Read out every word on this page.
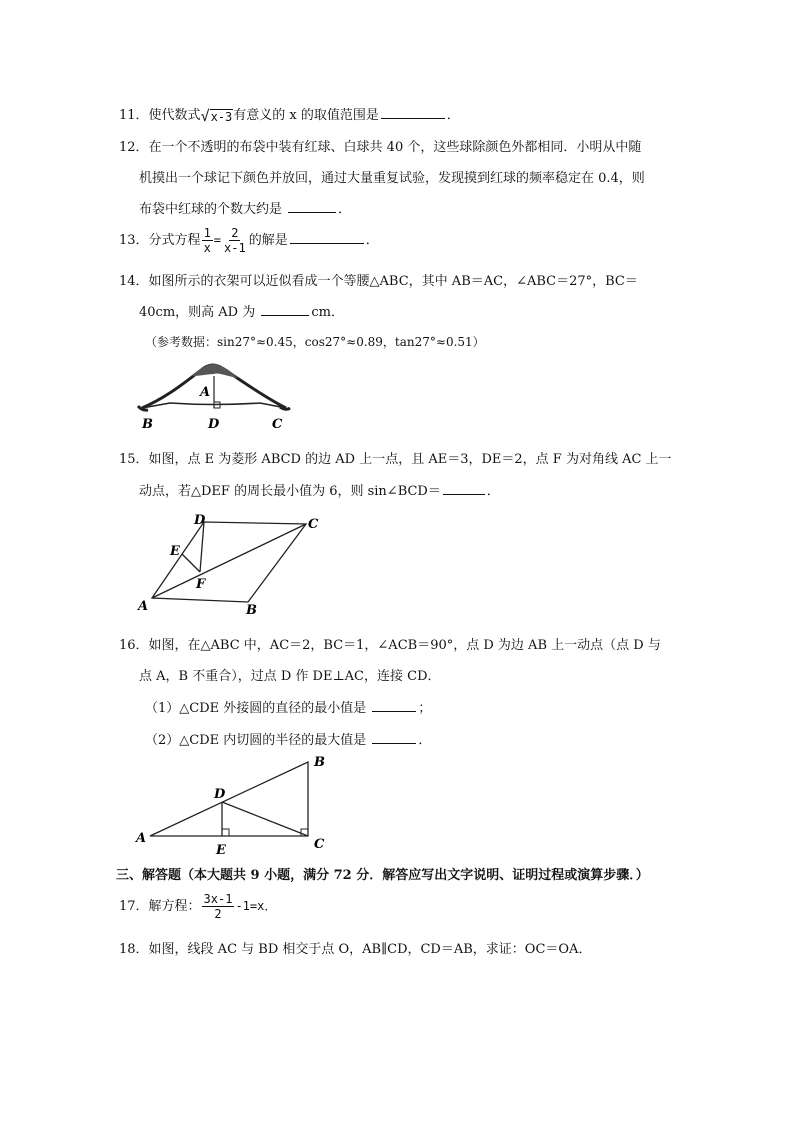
11．使代数式√x-3有意义的 x 的取值范围是	．
12．在一个不透明的布袋中装有红球、白球共 40 个，这些球除颜色外都相同．小明从中随
机摸出一个球记下颜色并放回，通过大量重复试验，发现摸到红球的频率稳定在 0.4，则
布袋中红球的个数大约是	．
13．分式方程 $\frac{1}{x} = \frac{2}{x-1}$ 的解是	．
14．如图所示的衣架可以近似看成一个等腰△ABC，其中 AB＝AC，∠ABC＝27°，BC＝
40cm，则高 AD 为	cm．
（参考数据：sin27°≈0.45，cos27°≈0.89，tan27°≈0.51）
A
B	D	C
15．如图，点 E 为菱形 ABCD 的边 AD 上一点，且 AE＝3，DE＝2，点 F 为对角线 AC 上一
动点，若△DEF 的周长最小值为 6，则 sin∠BCD＝	．
A	B
C
D
E
F
16．如图，在△ABC 中，AC＝2，BC＝1，∠ACB＝90°，点 D 为边 AB 上一动点（点 D 与
点 A，B 不重合），过点 D 作 DE⊥AC，连接 CD．
（1）△CDE 外接圆的直径的最小值是	；
（2）△CDE 内切圆的半径的最大值是	．
A
B
C
D
E
三、解答题（本大题共 9 小题，满分 72 分．解答应写出文字说明、证明过程或演算步骤．）
17．解方程： $\frac{3x-1}{2} -1=x$．
18．如图，线段 AC 与 BD 相交于点 O，AB∥CD，CD＝AB，求证：OC＝OA．
